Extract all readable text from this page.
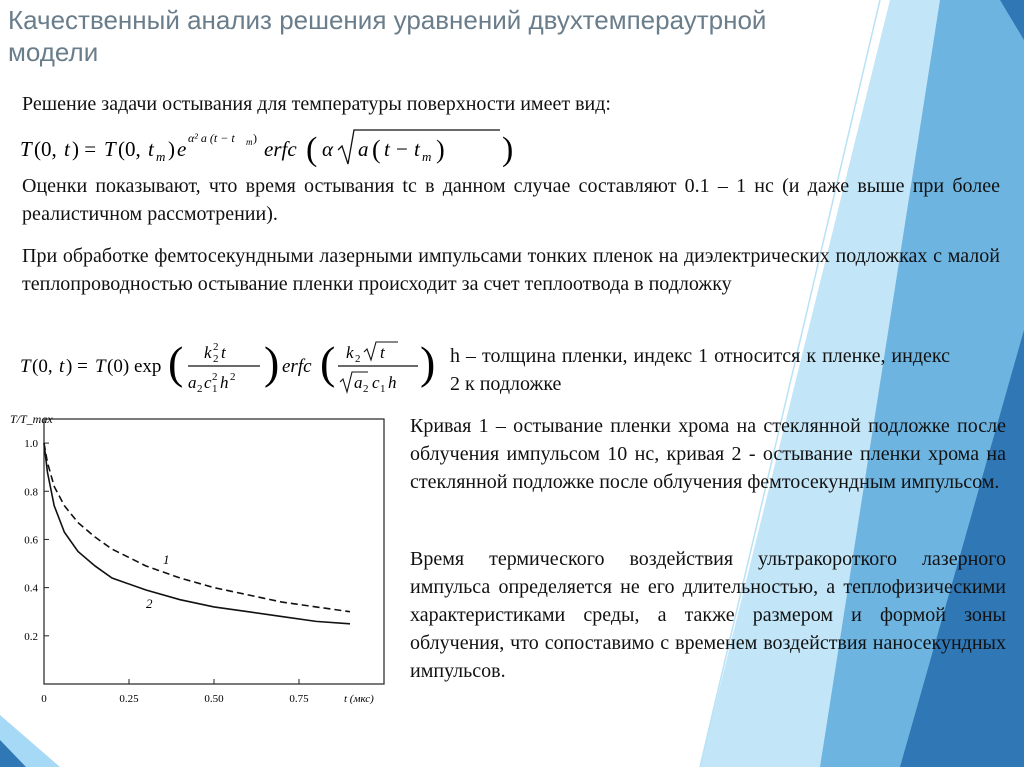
Качественный анализ решения уравнений двухтемпераутрной модели
Решение задачи остывания для температуры поверхности имеет вид:
T (0, t ) = T (0, t m ) e α² a (t − t m ) erfc ( α a ( t − t m ) )
Оценки показывают, что время остывания tc в данном случае составляют 0.1 – 1 нс (и даже выше при более реалистичном рассмотрении).
При обработке фемтосекундными лазерными импульсами тонких пленок на диэлектрических подложках с малой теплопроводностью остывание пленки происходит за счет теплоотвода в подложку
T (0, t ) = T (0) exp ( k 2
2 t
a 2 c 1
2 h 2 ) erfc ( k 2 t
a 2 c 1 h ) h – толщина пленки, индекс 1 относится к пленке, индекс 2 к подложке
0.2
0.4
0.6
0.8
1.0
0	0.25	0.50	0.75
T/T_max
t (мкс)
1
2
Кривая 1 – остывание пленки хрома на стеклянной подложке после облучения импульсом 10 нс, кривая 2 - остывание пленки хрома на стеклянной подложке после облучения фемтосекундным импульсом.
Время термического воздействия ультракороткого лазерного импульса определяется не его длительностью, а теплофизическими характеристиками среды, а также размером и формой зоны облучения, что сопоставимо с временем воздействия наносекундных импульсов.
